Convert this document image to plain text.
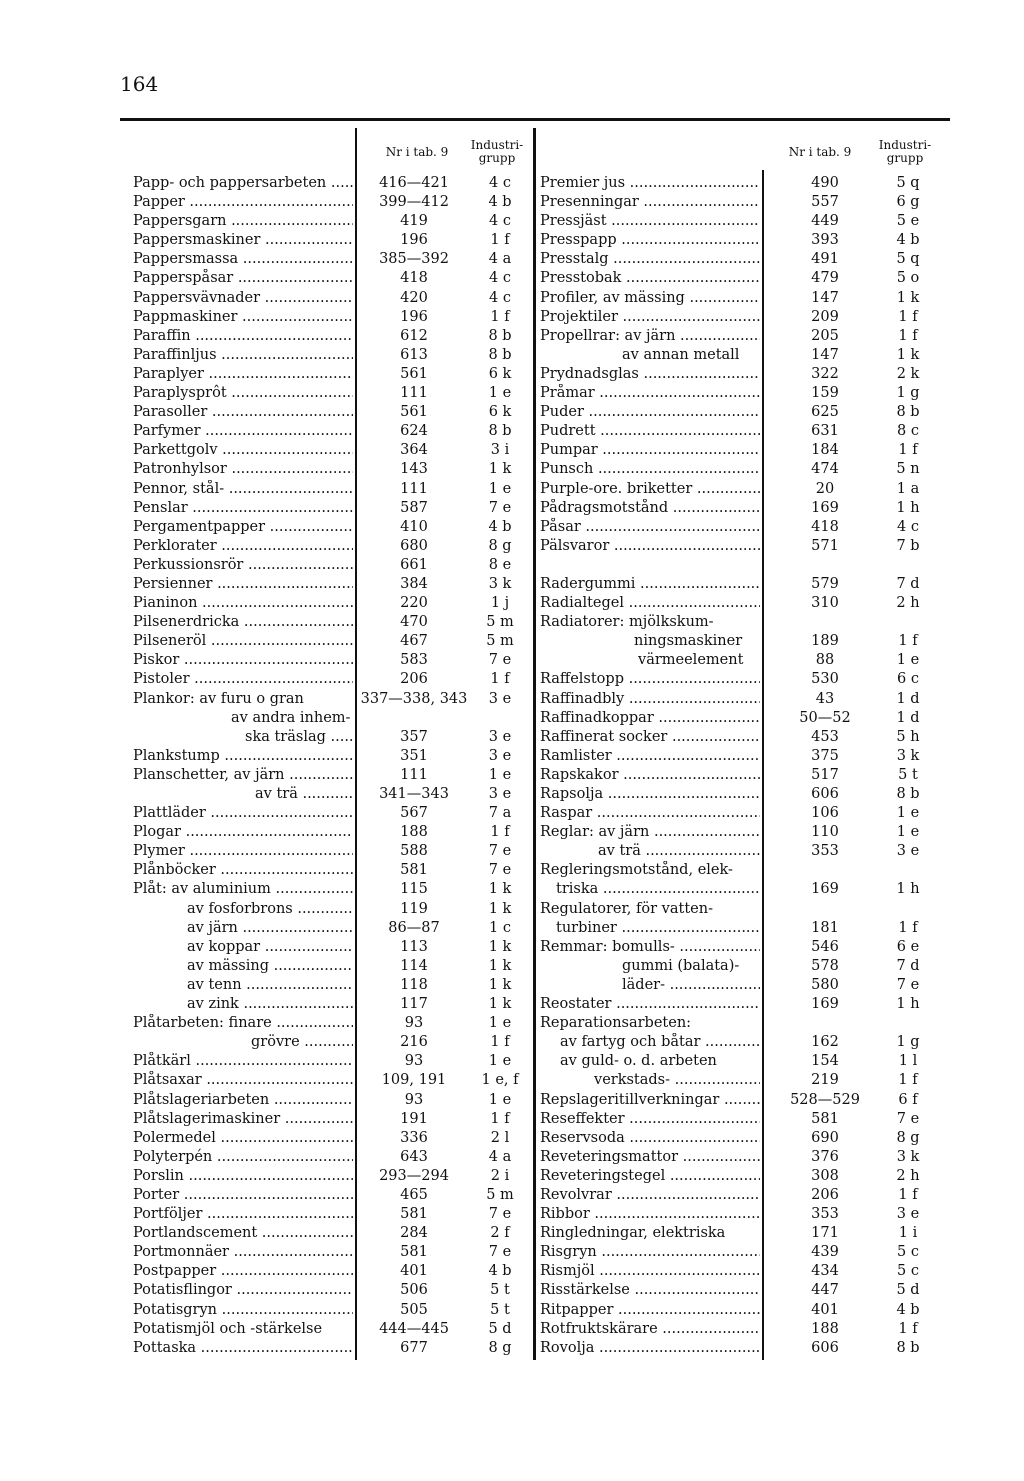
164
Nr i tab. 9	Industri-
grupp	Nr i tab. 9	Industri-
grupp
Papp- och pappersarbeten .....	416—421	4 c
Papper .....	399—412	4 b
Pappersgarn .....	419	4 c
Pappersmaskiner .....	196	1 f
Pappersmassa .....	385—392	4 a
Papperspåsar .....	418	4 c
Pappersvävnader .....	420	4 c
Pappmaskiner .....	196	1 f
Paraffin .....	612	8 b
Paraffinljus .....	613	8 b
Paraplyer .....	561	6 k
Paraplysprôt .....	111	1 e
Parasoller .....	561	6 k
Parfymer .....	624	8 b
Parkettgolv .....	364	3 i
Patronhylsor .....	143	1 k
Pennor, stål- .....	111	1 e
Penslar .....	587	7 e
Pergamentpapper .....	410	4 b
Perklorater .....	680	8 g
Perkussionsrör .....	661	8 e
Persienner .....	384	3 k
Pianinon .....	220	1 j
Pilsenerdricka .....	470	5 m
Pilseneröl .....	467	5 m
Piskor .....	583	7 e
Pistoler .....	206	1 f
Plankor: av furu o gran	337—338, 343	3 e
av andra inhem-
ska träslag .....	357	3 e
Plankstump .....	351	3 e
Planschetter, av järn .....	111	1 e
av trä .....	341—343	3 e
Plattläder .....	567	7 a
Plogar .....	188	1 f
Plymer .....	588	7 e
Plånböcker .....	581	7 e
Plåt: av aluminium .....	115	1 k
av fosforbrons .....	119	1 k
av järn .....	86—87	1 c
av koppar .....	113	1 k
av mässing .....	114	1 k
av tenn .....	118	1 k
av zink .....	117	1 k
Plåtarbeten: finare .....	93	1 e
grövre .....	216	1 f
Plåtkärl .....	93	1 e
Plåtsaxar .....	109, 191	1 e, f
Plåtslageriarbeten .....	93	1 e
Plåtslagerimaskiner .....	191	1 f
Polermedel .....	336	2 l
Polyterpén .....	643	4 a
Porslin .....	293—294	2 i
Porter .....	465	5 m
Portföljer .....	581	7 e
Portlandscement .....	284	2 f
Portmonnäer .....	581	7 e
Postpapper .....	401	4 b
Potatisflingor .....	506	5 t
Potatisgryn .....	505	5 t
Potatismjöl och -stärkelse	444—445	5 d
Pottaska .....	677	8 g
Premier jus .....	490	5 q
Presenningar .....	557	6 g
Pressjäst .....	449	5 e
Presspapp .....	393	4 b
Presstalg .....	491	5 q
Presstobak .....	479	5 o
Profiler, av mässing .....	147	1 k
Projektiler .....	209	1 f
Propellrar: av järn .....	205	1 f
av annan metall	147	1 k
Prydnadsglas .....	322	2 k
Pråmar .....	159	1 g
Puder .....	625	8 b
Pudrett .....	631	8 c
Pumpar .....	184	1 f
Punsch .....	474	5 n
Purple-ore. briketter .....	20	1 a
Pådragsmotstånd .....	169	1 h
Påsar .....	418	4 c
Pälsvaror .....	571	7 b
Radergummi .....	579	7 d
Radialtegel .....	310	2 h
Radiatorer: mjölkskum-
ningsmaskiner	189	1 f
värmeelement	88	1 e
Raffelstopp .....	530	6 c
Raffinadbly .....	43	1 d
Raffinadkoppar .....	50—52	1 d
Raffinerat socker .....	453	5 h
Ramlister .....	375	3 k
Rapskakor .....	517	5 t
Rapsolja .....	606	8 b
Raspar .....	106	1 e
Reglar: av järn .....	110	1 e
av trä .....	353	3 e
Regleringsmotstånd, elek-
triska .....	169	1 h
Regulatorer, för vatten-
turbiner .....	181	1 f
Remmar: bomulls- .....	546	6 e
gummi (balata)-	578	7 d
läder- .....	580	7 e
Reostater .....	169	1 h
Reparationsarbeten:
av fartyg och båtar .....	162	1 g
av guld- o. d. arbeten	154	1 l
verkstads- .....	219	1 f
Repslageritillverkningar .....	528—529	6 f
Reseffekter .....	581	7 e
Reservsoda .....	690	8 g
Reveteringsmattor .....	376	3 k
Reveteringstegel .....	308	2 h
Revolvrar .....	206	1 f
Ribbor .....	353	3 e
Ringledningar, elektriska	171	1 i
Risgryn .....	439	5 c
Rismjöl .....	434	5 c
Risstärkelse .....	447	5 d
Ritpapper .....	401	4 b
Rotfruktskärare .....	188	1 f
Rovolja .....	606	8 b
